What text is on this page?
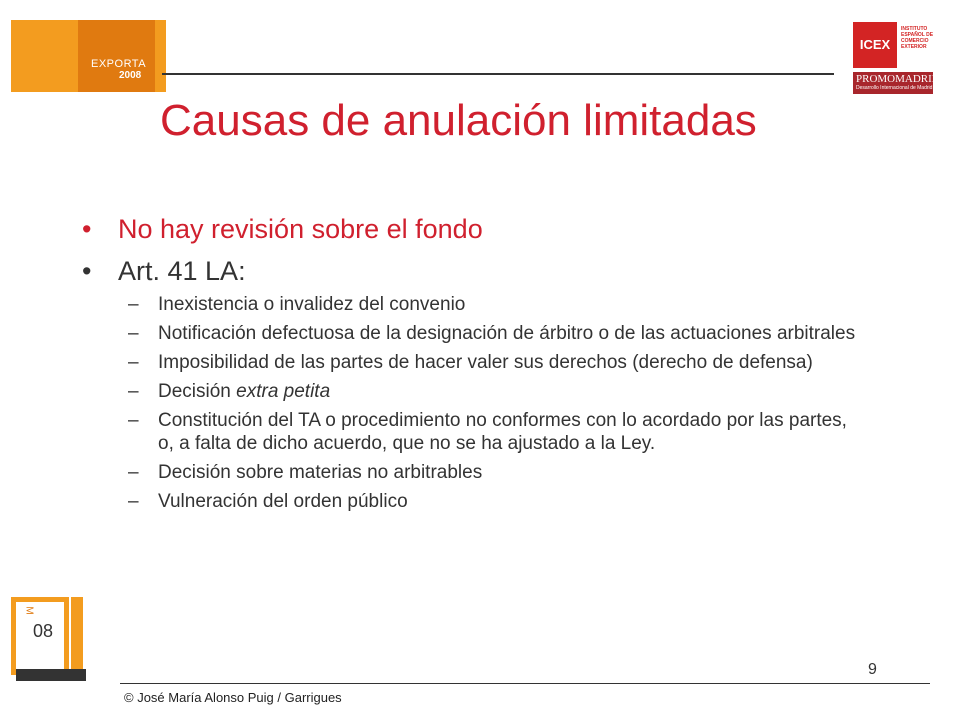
EXPORTA
2008
ICEX
INSTITUTO ESPAÑOL DE COMERCIO EXTERIOR
PROMOMADRID
Desarrollo Internacional de Madrid S.A.
Causas de anulación limitadas
• No hay revisión sobre el fondo
• Art. 41 LA:
– Inexistencia o invalidez del convenio
– Notificación defectuosa de la designación de árbitro o de las actuaciones arbitrales
– Imposibilidad de las partes de hacer valer sus derechos (derecho de defensa)
– Decisión extra petita
– Constitución del TA o procedimiento no conformes con lo acordado por las partes, o, a falta de dicho acuerdo, que no se ha ajustado a la Ley.
– Decisión sobre materias no arbitrables
– Vulneración del orden público
M
08
9
© José María Alonso Puig / Garrigues
